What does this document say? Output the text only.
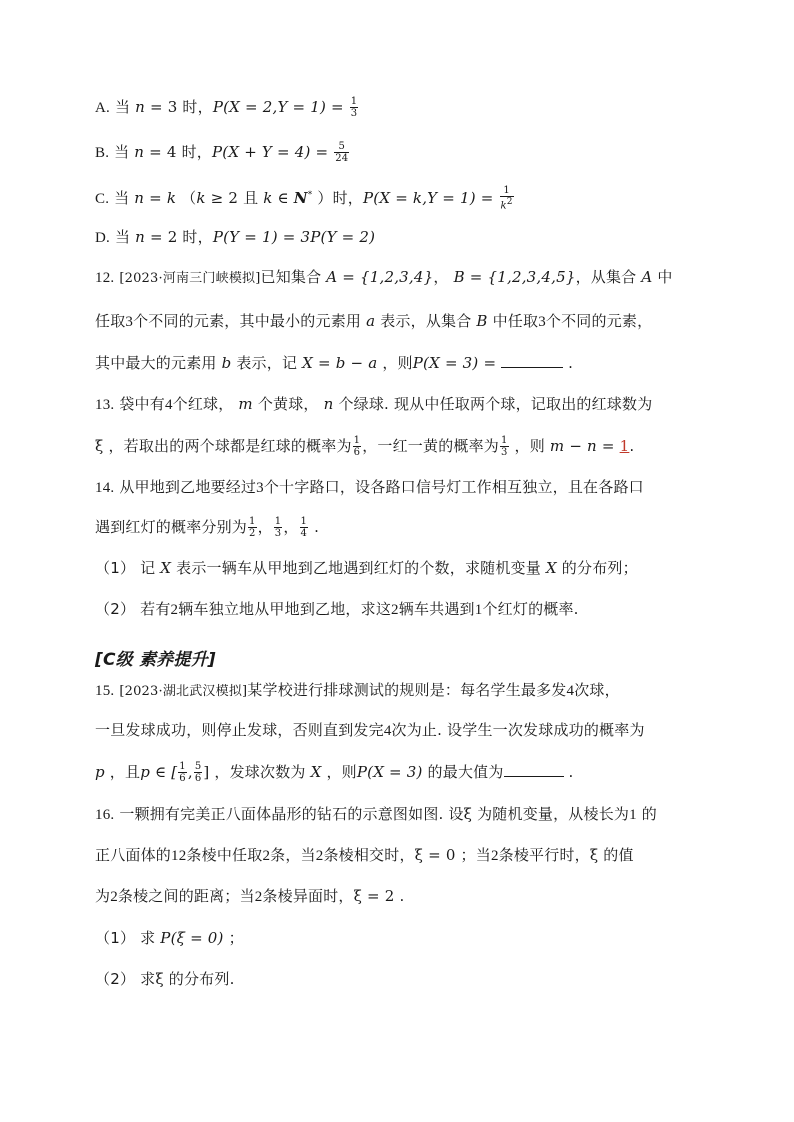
A. 当 n = 3 时，$P(X = 2,Y = 1) = \frac{1}{3}$
B. 当 n = 4 时，$P(X + Y = 4) = \frac{5}{24}$
C. 当 n = k （k ≥ 2 且 k ∈ N* ）时，$P(X = k,Y = 1) = \frac{1}{k^2}$
D. 当 n = 2 时，P(Y = 1) = 3P(Y = 2)
12. [2023·河南三门峡模拟]已知集合 A = {1,2,3,4}， B = {1,2,3,4,5}，从集合 A 中
任取3个不同的元素，其中最小的元素用 a 表示，从集合 B 中任取3个不同的元素，
其中最大的元素用 b 表示，记 X = b − a ，则P(X = 3) =	.
13. 袋中有4个红球， m 个黄球， n 个绿球. 现从中任取两个球，记取出的红球数为
ξ ，若取出的两个球都是红球的概率为 $\frac{1}{6}$ ，一红一黄的概率为 $\frac{1}{3}$ ，则 m − n = 1.
14. 从甲地到乙地要经过3个十字路口，设各路口信号灯工作相互独立，且在各路口
遇到红灯的概率分别为 $\frac{1}{2}$ ， $\frac{1}{3}$ ， $\frac{1}{4}$ .
（1） 记 X 表示一辆车从甲地到乙地遇到红灯的个数，求随机变量 X 的分布列；
（2） 若有2辆车独立地从甲地到乙地，求这2辆车共遇到1个红灯的概率.
[C级 素养提升]
15. [2023·湖北武汉模拟]某学校进行排球测试的规则是：每名学生最多发4次球，
一旦发球成功，则停止发球，否则直到发完4次为止. 设学生一次发球成功的概率为
p ，且p ∈ [ $\frac{1}{6}$ , $\frac{5}{6}$ ] ，发球次数为 X ，则P(X = 3) 的最大值为	.
16. 一颗拥有完美正八面体晶形的钻石的示意图如图. 设ξ 为随机变量，从棱长为1 的
正八面体的12条棱中任取2条，当2条棱相交时，ξ = 0 ；当2条棱平行时，ξ 的值
为2条棱之间的距离；当2条棱异面时，ξ = 2 .
（1） 求 P(ξ = 0) ；
（2） 求ξ 的分布列.
